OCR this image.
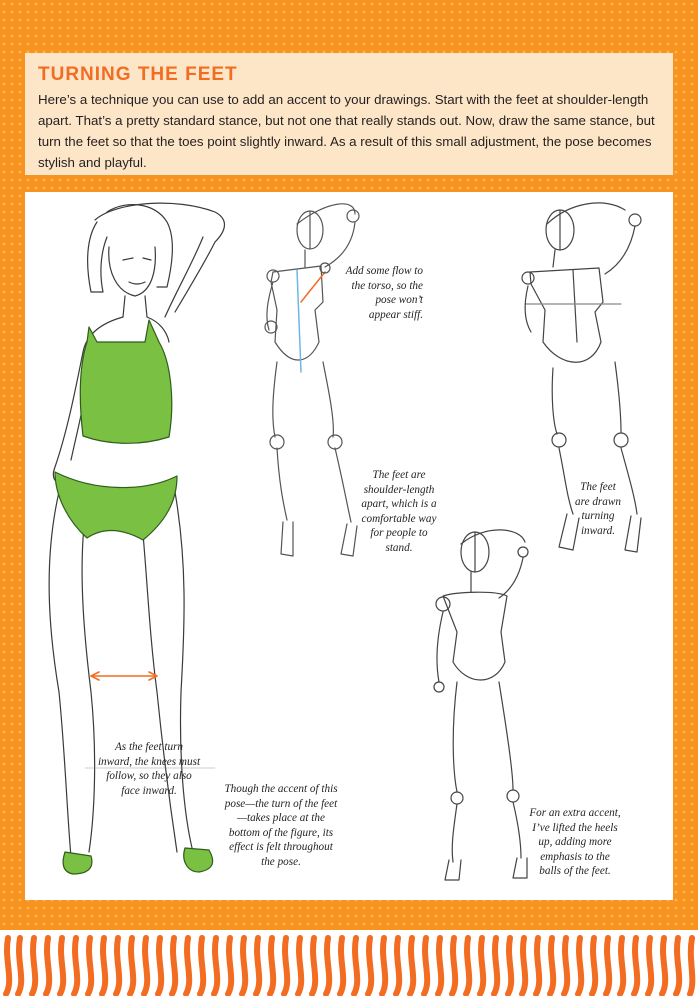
TURNING THE FEET

Here’s a technique you can use to add an accent to your drawings. Start with the feet at shoulder-length apart. That’s a pretty standard stance, but not one that really stands out. Now, draw the same stance, but turn the feet so that the toes point slightly inward. As a result of this small adjustment, the pose becomes stylish and playful.

Add some flow to the torso, so the pose won’t appear stiff.

The feet are shoulder-length apart, which is a comfortable way for people to stand.

The feet are drawn turning inward.

As the feet turn inward, the knees must follow, so they also face inward.	Though the accent of this pose—the turn of the feet—takes place at the bottom of the figure, its effect is felt throughout the pose.

For an extra accent, I’ve lifted the heels up, adding more emphasis to the balls of the feet.
